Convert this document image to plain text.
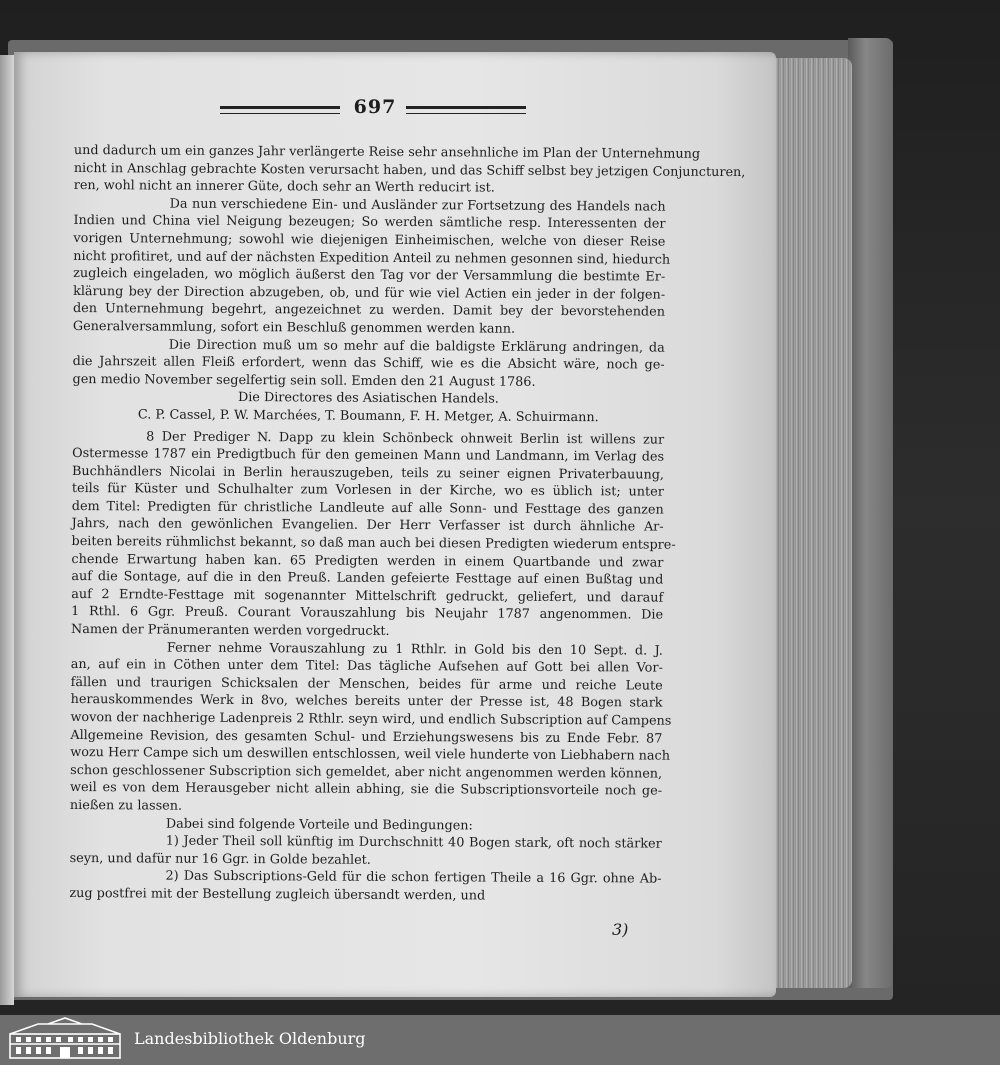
697
und dadurch um ein ganzes Jahr verlängerte Reise sehr ansehnliche im Plan der Unternehmung
nicht in Anschlag gebrachte Kosten verursacht haben, und das Schiff selbst bey jetzigen Conjuncturen,
ren, wohl nicht an innerer Güte, doch sehr an Werth reducirt ist.
Da nun verschiedene Ein- und Ausländer zur Fortsetzung des Handels nach
Indien und China viel Neigung bezeugen; So werden sämtliche resp. Interessenten der
vorigen Unternehmung; sowohl wie diejenigen Einheimischen, welche von dieser Reise
nicht profitiret, und auf der nächsten Expedition Anteil zu nehmen gesonnen sind, hiedurch
zugleich eingeladen, wo möglich äußerst den Tag vor der Versammlung die bestimte Er-
klärung bey der Direction abzugeben, ob, und für wie viel Actien ein jeder in der folgen-
den Unternehmung begehrt, angezeichnet zu werden. Damit bey der bevorstehenden
Generalversammlung, sofort ein Beschluß genommen werden kann.
Die Direction muß um so mehr auf die baldigste Erklärung andringen, da
die Jahrszeit allen Fleiß erfordert, wenn das Schiff, wie es die Absicht wäre, noch ge-
gen medio November segelfertig sein soll. Emden den 21 August 1786.
Die Directores des Asiatischen Handels.
C. P. Cassel, P. W. Marchées, T. Boumann, F. H. Metger, A. Schuirmann.
8 Der Prediger N. Dapp zu klein Schönbeck ohnweit Berlin ist willens zur
Ostermesse 1787 ein Predigtbuch für den gemeinen Mann und Landmann, im Verlag des
Buchhändlers Nicolai in Berlin herauszugeben, teils zu seiner eignen Privaterbauung,
teils für Küster und Schulhalter zum Vorlesen in der Kirche, wo es üblich ist; unter
dem Titel: Predigten für christliche Landleute auf alle Sonn- und Festtage des ganzen
Jahrs, nach den gewönlichen Evangelien. Der Herr Verfasser ist durch ähnliche Ar-
beiten bereits rühmlichst bekannt, so daß man auch bei diesen Predigten wiederum entspre-
chende Erwartung haben kan. 65 Predigten werden in einem Quartbande und zwar
auf die Sontage, auf die in den Preuß. Landen gefeierte Festtage auf einen Bußtag und
auf 2 Erndte-Festtage mit sogenannter Mittelschrift gedruckt, geliefert, und darauf
1 Rthl. 6 Ggr. Preuß. Courant Vorauszahlung bis Neujahr 1787 angenommen. Die
Namen der Pränumeranten werden vorgedruckt.
Ferner nehme Vorauszahlung zu 1 Rthlr. in Gold bis den 10 Sept. d. J.
an, auf ein in Cöthen unter dem Titel: Das tägliche Aufsehen auf Gott bei allen Vor-
fällen und traurigen Schicksalen der Menschen, beides für arme und reiche Leute
herauskommendes Werk in 8vo, welches bereits unter der Presse ist, 48 Bogen stark
wovon der nachherige Ladenpreis 2 Rthlr. seyn wird, und endlich Subscription auf Campens
Allgemeine Revision, des gesamten Schul- und Erziehungswesens bis zu Ende Febr. 87
wozu Herr Campe sich um deswillen entschlossen, weil viele hunderte von Liebhabern nach
schon geschlossener Subscription sich gemeldet, aber nicht angenommen werden können,
weil es von dem Herausgeber nicht allein abhing, sie die Subscriptionsvorteile noch ge-
nießen zu lassen.
Dabei sind folgende Vorteile und Bedingungen:
1) Jeder Theil soll künftig im Durchschnitt 40 Bogen stark, oft noch stärker
seyn, und dafür nur 16 Ggr. in Golde bezahlet.
2) Das Subscriptions-Geld für die schon fertigen Theile a 16 Ggr. ohne Ab-
zug postfrei mit der Bestellung zugleich übersandt werden, und
3)
Landesbibliothek Oldenburg
